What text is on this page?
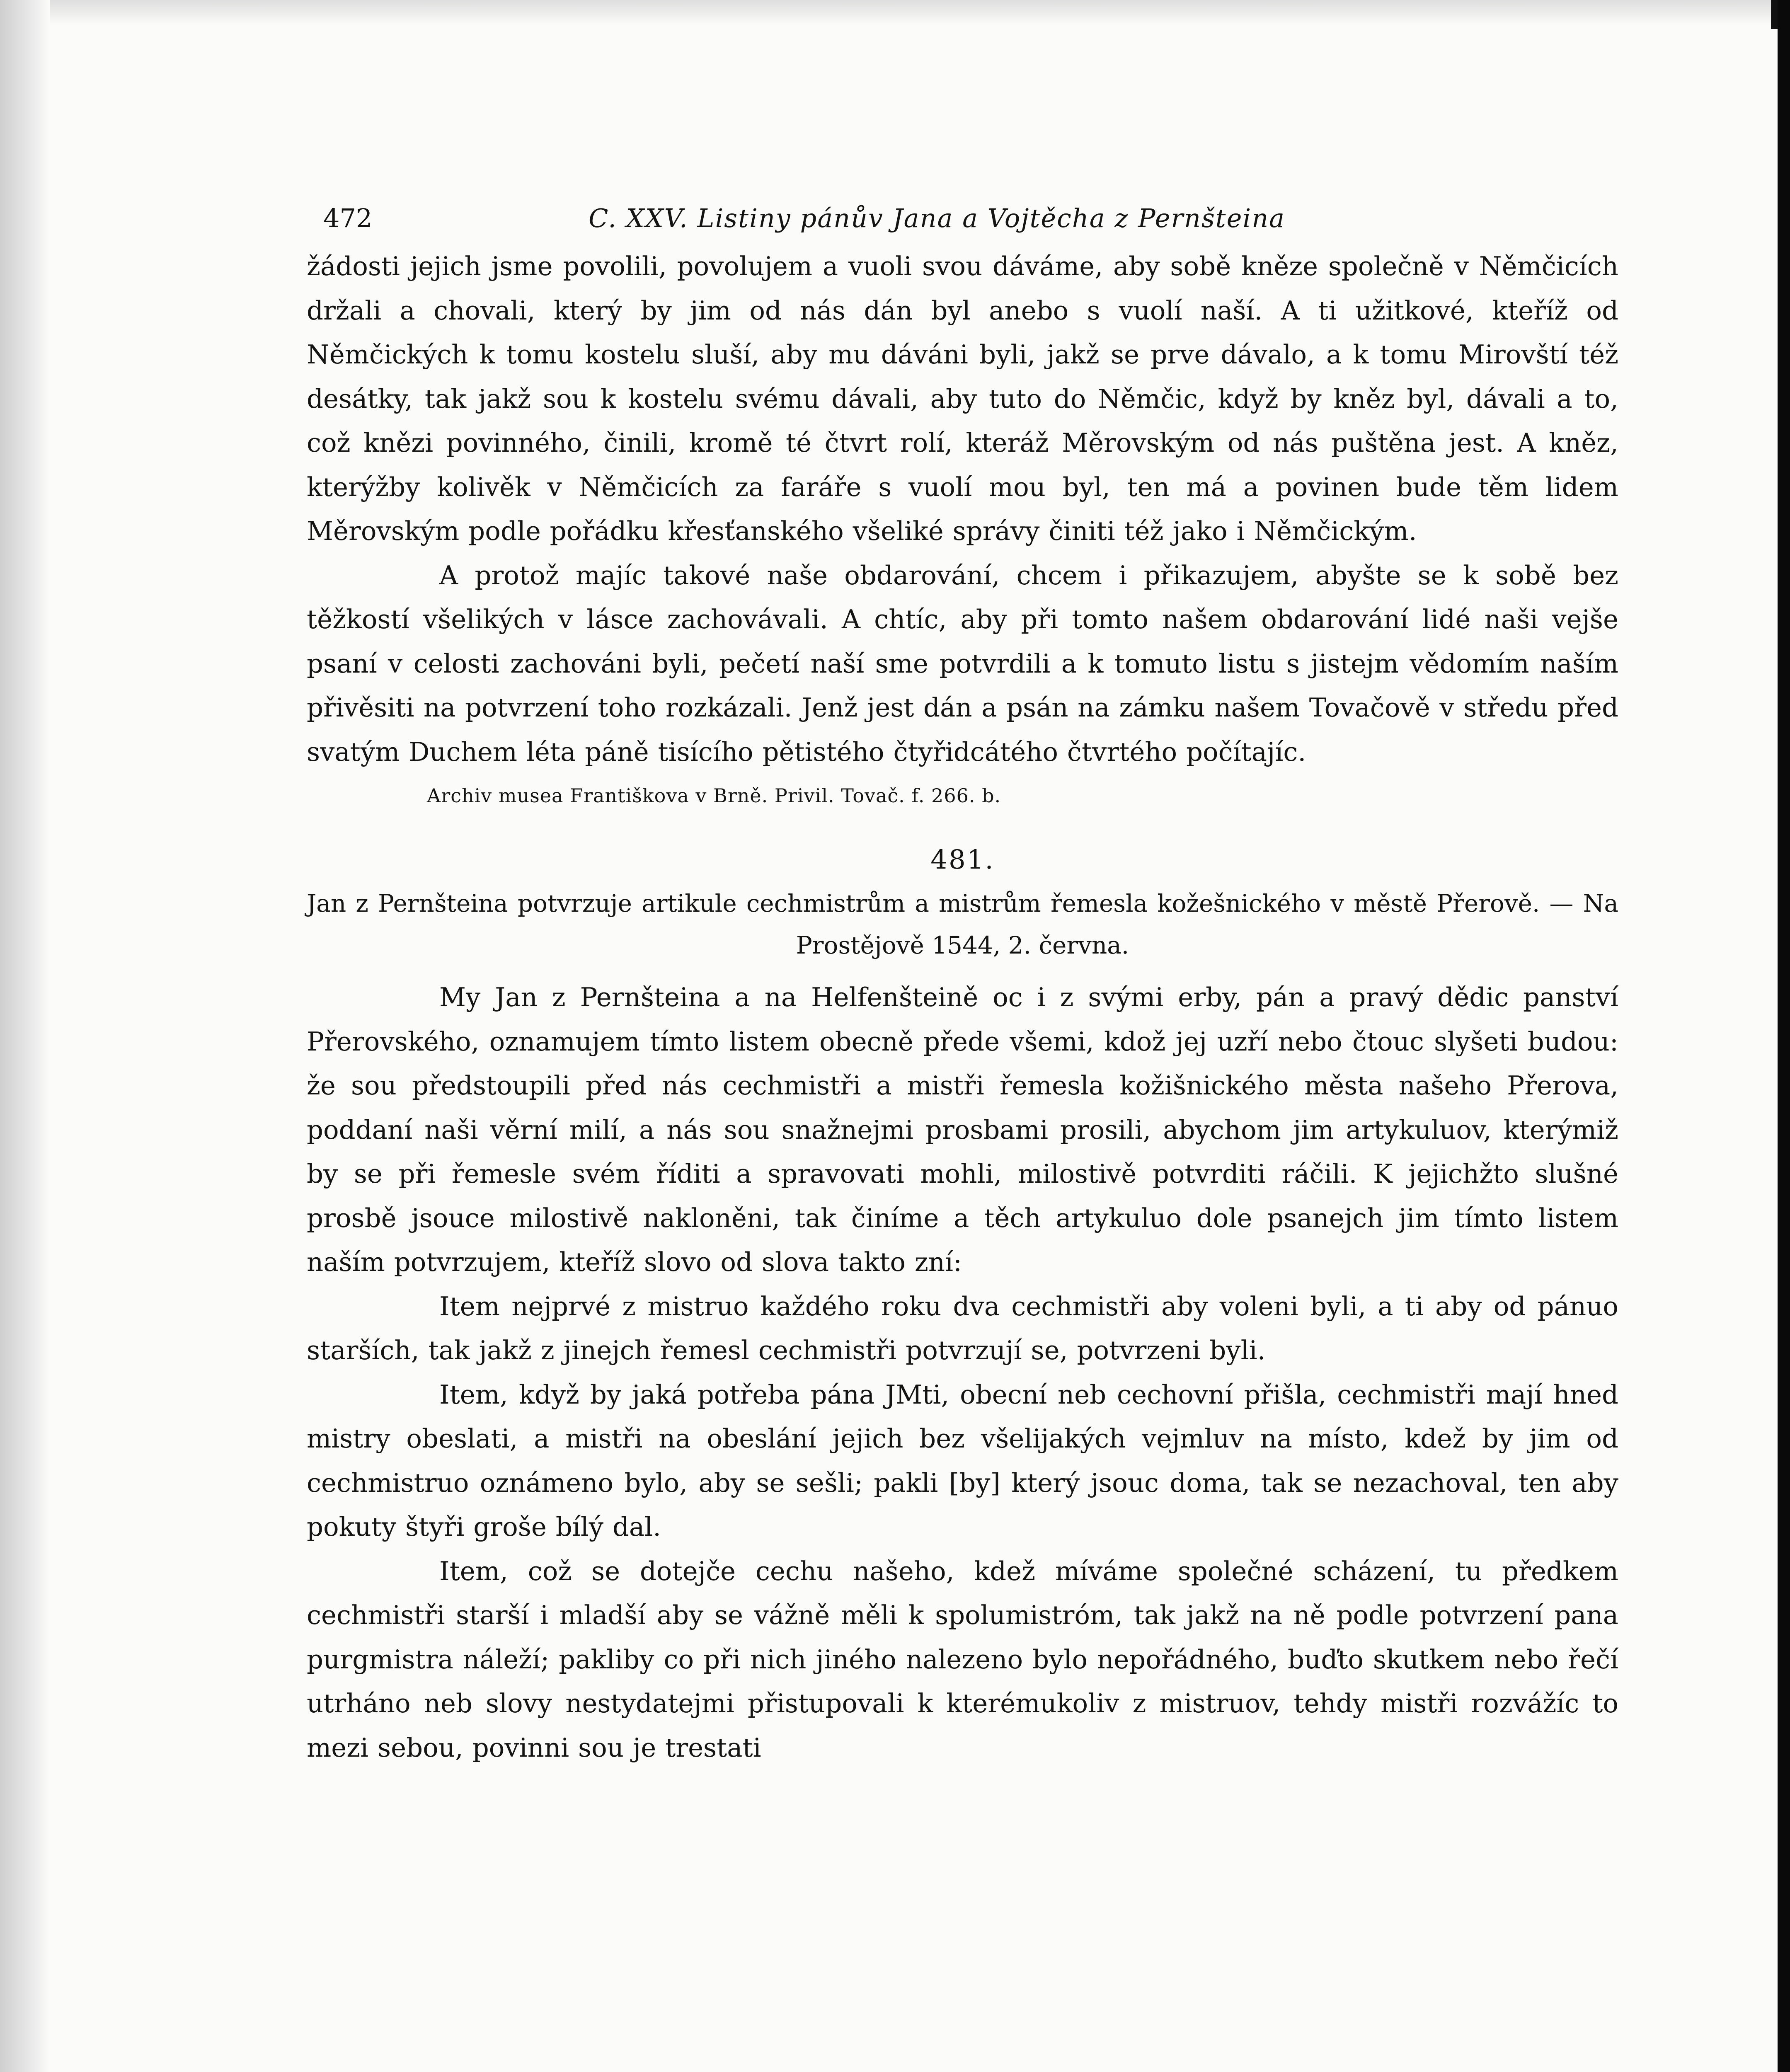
472	C. XXV. Listiny pánův Jana a Vojtěcha z Pernšteina

žádosti jejich jsme povolili, povolujem a vuoli svou dáváme, aby sobě kněze společně v Němčicích držali a chovali, který by jim od nás dán byl anebo s vuolí naší. A ti užitkové, kteříž od Němčických k tomu kostelu sluší, aby mu dáváni byli, jakž se prve dávalo, a k tomu Mirovští též desátky, tak jakž sou k kostelu svému dávali, aby tuto do Němčic, když by kněz byl, dávali a to, což knězi povinného, činili, kromě té čtvrt rolí, kteráž Měrovským od nás puštěna jest. A kněz, kterýžby kolivěk v Němčicích za faráře s vuolí mou byl, ten má a povinen bude těm lidem Měrovským podle pořádku křesťanského všeliké správy činiti též jako i Němčickým.

A protož majíc takové naše obdarování, chcem i přikazujem, abyšte se k sobě bez těžkostí všelikých v lásce zachovávali. A chtíc, aby při tomto našem obdarování lidé naši vejše psaní v celosti zachováni byli, pečetí naší sme potvrdili a k tomuto listu s jistejm vědomím naším přivěsiti na potvrzení toho rozkázali. Jenž jest dán a psán na zámku našem Tovačově v středu před svatým Duchem léta páně tisícího pětistého čtyřidcátého čtvrtého počítajíc.

Archiv musea Františkova v Brně. Privil. Tovač. f. 266. b.
481.

Jan z Pernšteina potvrzuje artikule cechmistrům a mistrům řemesla kožešnického v městě Přerově. — Na Prostějově 1544, 2. června.

My Jan z Pernšteina a na Helfenšteině oc i z svými erby, pán a pravý dědic panství Přerovského, oznamujem tímto listem obecně přede všemi, kdož jej uzří nebo čtouc slyšeti budou: že sou předstoupili před nás cechmistři a mistři řemesla kožišnického města našeho Přerova, poddaní naši věrní milí, a nás sou snažnejmi prosbami prosili, abychom jim artykuluov, kterýmiž by se při řemesle svém říditi a spravovati mohli, milostivě potvrditi ráčili. K jejichžto slušné prosbě jsouce milostivě nakloněni, tak činíme a těch artykuluo dole psanejch jim tímto listem naším potvrzujem, kteříž slovo od slova takto zní:

Item nejprvé z mistruo každého roku dva cechmistři aby voleni byli, a ti aby od pánuo starších, tak jakž z jinejch řemesl cechmistři potvrzují se, potvrzeni byli.

Item, když by jaká potřeba pána JMti, obecní neb cechovní přišla, cechmistři mají hned mistry obeslati, a mistři na obeslání jejich bez všelijakých vejmluv na místo, kdež by jim od cechmistruo oznámeno bylo, aby se sešli; pakli [by] který jsouc doma, tak se nezachoval, ten aby pokuty štyři groše bílý dal.

Item, což se dotejče cechu našeho, kdež míváme společné scházení, tu předkem cechmistři starší i mladší aby se vážně měli k spolumistróm, tak jakž na ně podle potvrzení pana purgmistra náleží; pakliby co při nich jiného nalezeno bylo nepořádného, buďto skutkem nebo řečí utrháno neb slovy nestydatejmi přistupovali k kterémukoliv z mistruov, tehdy mistři rozvážíc to mezi sebou, povinni sou je trestati
